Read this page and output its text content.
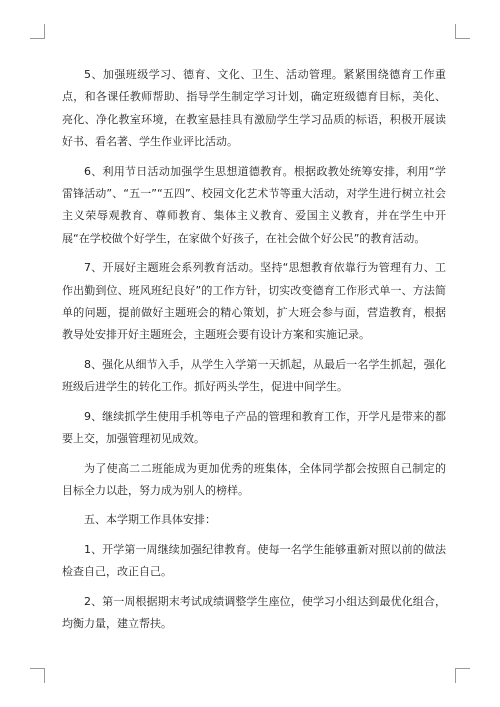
5、加强班级学习、德育、文化、卫生、活动管理。紧紧围绕德育工作重点，和各课任教师帮助、指导学生制定学习计划，确定班级德育目标，美化、亮化、净化教室环境，在教室悬挂具有激励学生学习品质的标语，积极开展读好书、看名著、学生作业评比活动。

6、利用节日活动加强学生思想道德教育。根据政教处统筹安排，利用“学雷锋活动”、“五一”“五四”、校园文化艺术节等重大活动，对学生进行树立社会主义荣辱观教育、尊师教育、集体主义教育、爱国主义教育，并在学生中开展“在学校做个好学生，在家做个好孩子，在社会做个好公民”的教育活动。

7、开展好主题班会系列教育活动。坚持“思想教育依靠行为管理有力、工作出勤到位、班风班纪良好”的工作方针，切实改变德育工作形式单一、方法简单的问题，提前做好主题班会的精心策划，扩大班会参与面，营造教育，根据教导处安排开好主题班会，主题班会要有设计方案和实施记录。

8、强化从细节入手，从学生入学第一天抓起，从最后一名学生抓起，强化班级后进学生的转化工作。抓好两头学生，促进中间学生。

9、继续抓学生使用手机等电子产品的管理和教育工作，开学凡是带来的都要上交，加强管理初见成效。

为了使高二二班能成为更加优秀的班集体，全体同学都会按照自己制定的目标全力以赴，努力成为别人的榜样。

五、本学期工作具体安排：

1、开学第一周继续加强纪律教育。使每一名学生能够重新对照以前的做法检查自己，改正自己。

2、第一周根据期末考试成绩调整学生座位，使学习小组达到最优化组合，均衡力量，建立帮扶。
